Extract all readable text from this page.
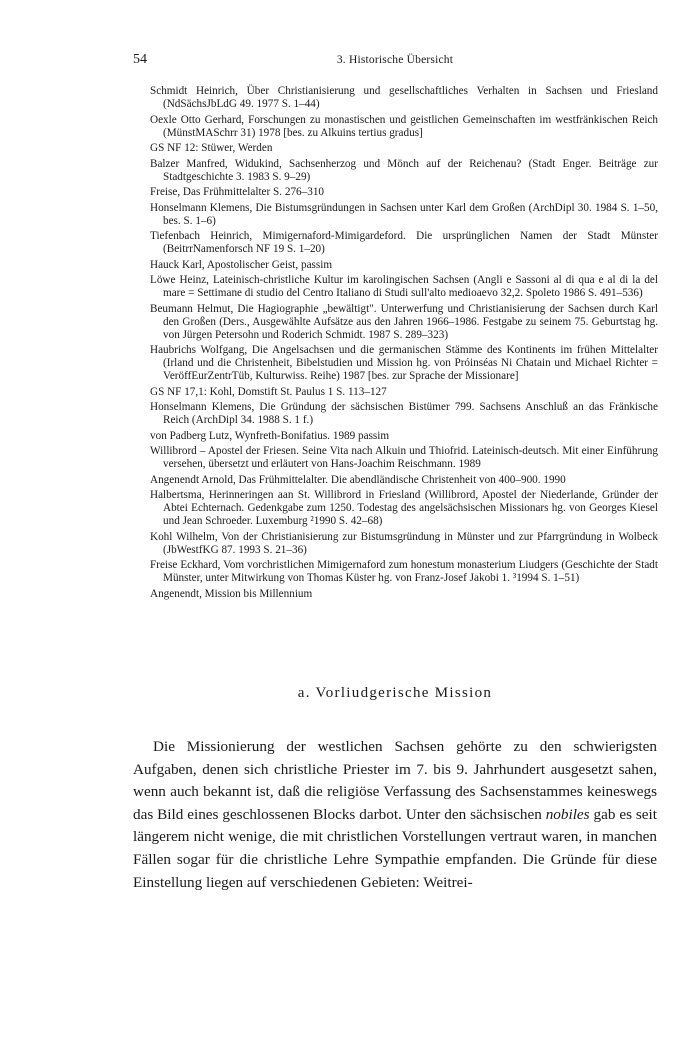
54	3. Historische Übersicht

Schmidt Heinrich, Über Christianisierung und gesellschaftliches Verhalten in Sachsen und Friesland (NdSächsJbLdG 49. 1977 S. 1–44)

Oexle Otto Gerhard, Forschungen zu monastischen und geistlichen Gemeinschaften im westfränkischen Reich (MünstMASchrr 31) 1978 [bes. zu Alkuins tertius gradus]

GS NF 12: Stüwer, Werden

Balzer Manfred, Widukind, Sachsenherzog und Mönch auf der Reichenau? (Stadt Enger. Beiträge zur Stadtgeschichte 3. 1983 S. 9–29)

Freise, Das Frühmittelalter S. 276–310

Honselmann Klemens, Die Bistumsgründungen in Sachsen unter Karl dem Großen (ArchDipl 30. 1984 S. 1–50, bes. S. 1–6)

Tiefenbach Heinrich, Mimigernaford-Mimigardeford. Die ursprünglichen Namen der Stadt Münster (BeitrrNamenforsch NF 19 S. 1–20)

Hauck Karl, Apostolischer Geist, passim

Löwe Heinz, Lateinisch-christliche Kultur im karolingischen Sachsen (Angli e Sassoni al di qua e al di la del mare = Settimane di studio del Centro Italiano di Studi sull'alto medioaevo 32,2. Spoleto 1986 S. 491–536)

Beumann Helmut, Die Hagiographie „bewältigt". Unterwerfung und Christianisierung der Sachsen durch Karl den Großen (Ders., Ausgewählte Aufsätze aus den Jahren 1966–1986. Festgabe zu seinem 75. Geburtstag hg. von Jürgen Petersohn und Roderich Schmidt. 1987 S. 289–323)

Haubrichs Wolfgang, Die Angelsachsen und die germanischen Stämme des Kontinents im frühen Mittelalter (Irland und die Christenheit, Bibelstudien und Mission hg. von Próinséas Ni Chatain und Michael Richter = VeröffEurZentrTüb, Kulturwiss. Reihe) 1987 [bes. zur Sprache der Missionare]

GS NF 17,1: Kohl, Domstift St. Paulus 1 S. 113–127

Honselmann Klemens, Die Gründung der sächsischen Bistümer 799. Sachsens Anschluß an das Fränkische Reich (ArchDipl 34. 1988 S. 1 f.)

von Padberg Lutz, Wynfreth-Bonifatius. 1989 passim

Willibrord – Apostel der Friesen. Seine Vita nach Alkuin und Thiofrid. Lateinisch-deutsch. Mit einer Einführung versehen, übersetzt und erläutert von Hans-Joachim Reischmann. 1989

Angenendt Arnold, Das Frühmittelalter. Die abendländische Christenheit von 400–900. 1990

Halbertsma, Herinneringen aan St. Willibrord in Friesland (Willibrord, Apostel der Niederlande, Gründer der Abtei Echternach. Gedenkgabe zum 1250. Todestag des angelsächsischen Missionars hg. von Georges Kiesel und Jean Schroeder. Luxemburg ²1990 S. 42–68)

Kohl Wilhelm, Von der Christianisierung zur Bistumsgründung in Münster und zur Pfarrgründung in Wolbeck (JbWestfKG 87. 1993 S. 21–36)

Freise Eckhard, Vom vorchristlichen Mimigernaford zum honestum monasterium Liudgers (Geschichte der Stadt Münster, unter Mitwirkung von Thomas Küster hg. von Franz-Josef Jakobi 1. ³1994 S. 1–51)

Angenendt, Mission bis Millennium

a. Vorliudgerische Mission

Die Missionierung der westlichen Sachsen gehörte zu den schwierigsten Aufgaben, denen sich christliche Priester im 7. bis 9. Jahrhundert ausgesetzt sahen, wenn auch bekannt ist, daß die religiöse Verfassung des Sachsenstammes keineswegs das Bild eines geschlossenen Blocks darbot. Unter den sächsischen nobiles gab es seit längerem nicht wenige, die mit christlichen Vorstellungen vertraut waren, in manchen Fällen sogar für die christliche Lehre Sympathie empfanden. Die Gründe für diese Einstellung liegen auf verschiedenen Gebieten: Weitrei-
